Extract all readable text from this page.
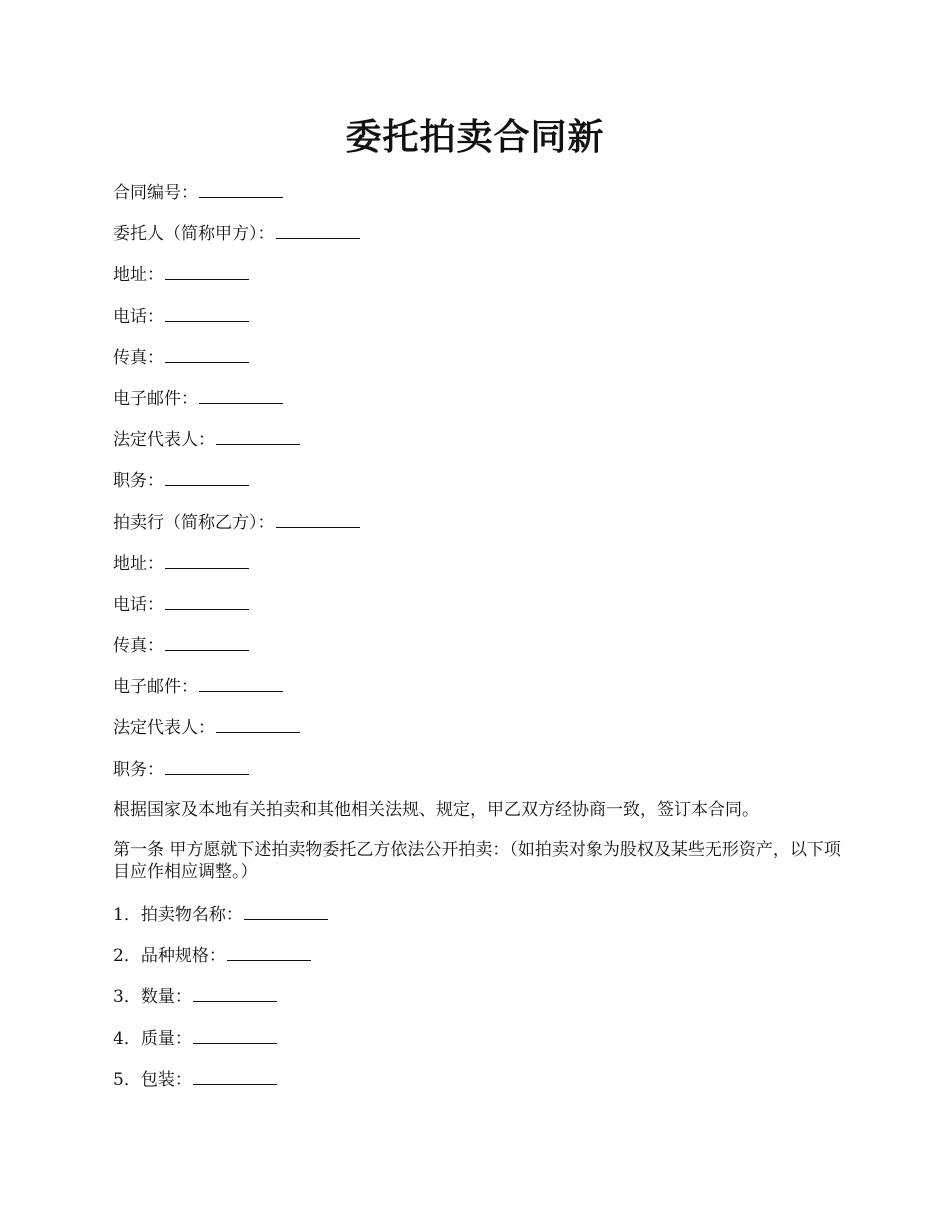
委托拍卖合同新
合同编号：
委托人（简称甲方）：
地址：
电话：
传真：
电子邮件：
法定代表人：
职务：
拍卖行（简称乙方）：
地址：
电话：
传真：
电子邮件：
法定代表人：
职务：
根据国家及本地有关拍卖和其他相关法规、规定，甲乙双方经协商一致，签订本合同。
第一条 甲方愿就下述拍卖物委托乙方依法公开拍卖：（如拍卖对象为股权及某些无形资产，以下项目应作相应调整。）
1．拍卖物名称：
2．品种规格：
3．数量：
4．质量：
5．包装：
